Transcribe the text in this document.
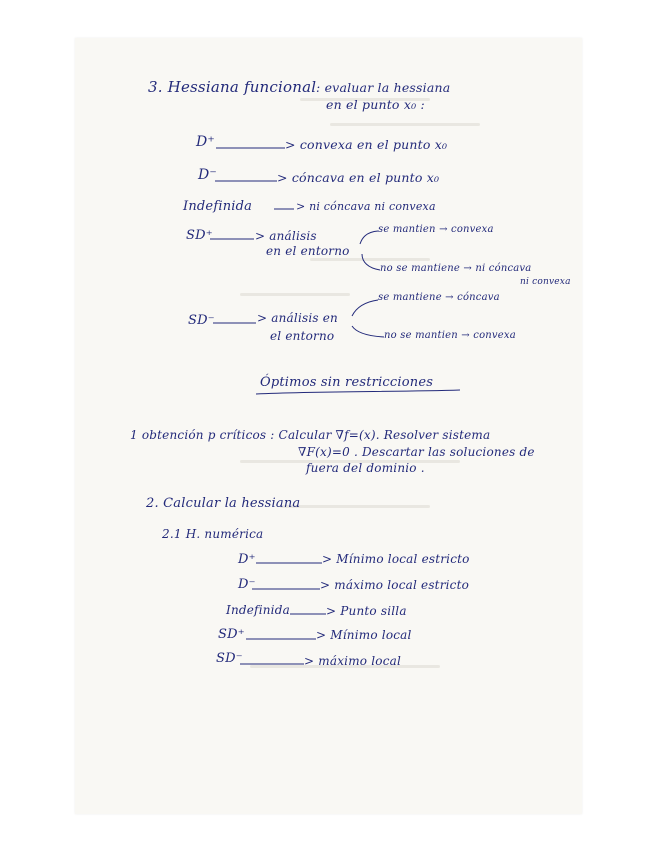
3. Hessiana funcional : evaluar la hessiana
en el punto x₀ :
D⁺	> convexa en el punto x₀
D⁻	> cóncava en el punto x₀
Indefinida	> ni cóncava ni convexa
SD⁺	> análisis
en el entorno
se mantien → convexa
no se mantiene → ni cóncava
ni convexa
SD⁻	> análisis en
el entorno
se mantiene → cóncava
no se mantien → convexa
Óptimos sin restricciones
1 obtención p críticos : Calcular ∇f=(x). Resolver sistema
∇F(x)=0 . Descartar las soluciones de
fuera del dominio .
2. Calcular la hessiana
2.1 H. numérica
D⁺	> Mínimo local estricto
D⁻	> máximo local estricto
Indefinida	> Punto silla
SD⁺	> Mínimo local
SD⁻	> máximo local
